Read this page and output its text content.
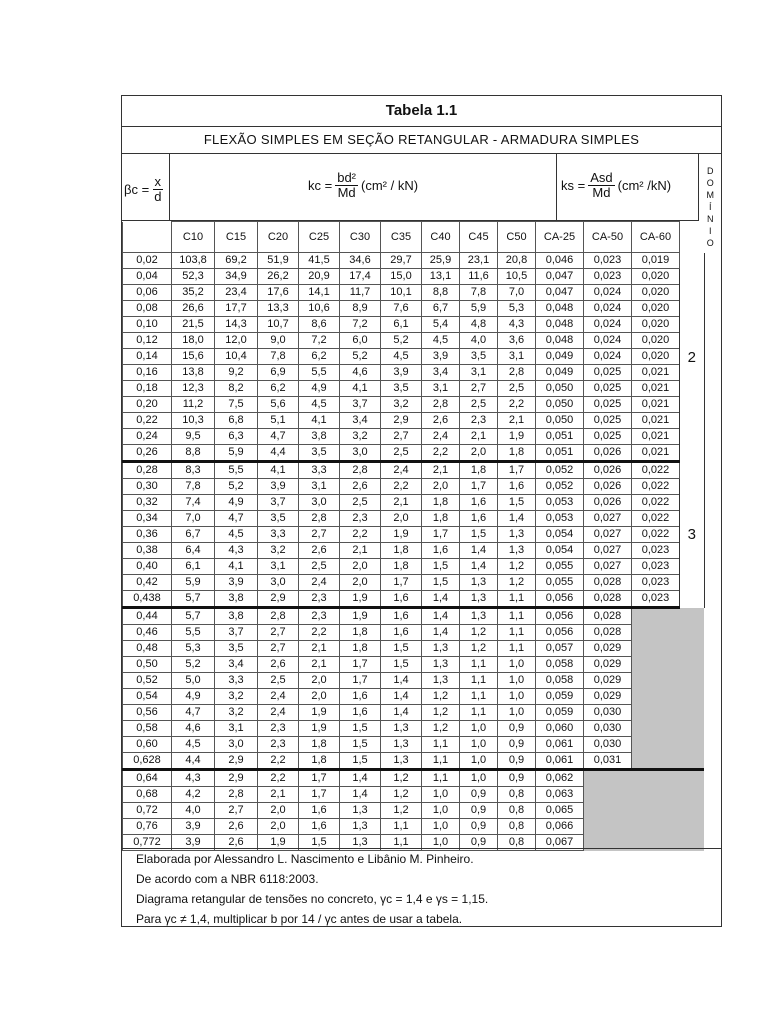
Tabela 1.1
FLEXÃO SIMPLES EM SEÇÃO RETANGULAR - ARMADURA SIMPLES
$\beta c = \frac{x}{d}$	kc = $\frac{\text{bd²}}{Md} (cm^2 / kN)$	ks = $\frac{\text{Asd}}{Md} (cm^2$ /kN)
D
O
M
Í
N
I
O
	C10	C15	C20	C25	C30	C35	C40	C45	C50	CA-25	CA-50	CA-60	
0,02	103,8	69,2	51,9	41,5	34,6	29,7	25,9	23,1	20,8	0,046	0,023	0,019	2
0,04	52,3	34,9	26,2	20,9	17,4	15,0	13,1	11,6	10,5	0,047	0,023	0,020	
0,06	35,2	23,4	17,6	14,1	11,7	10,1	8,8	7,8	7,0	0,047	0,024	0,020	
0,08	26,6	17,7	13,3	10,6	8,9	7,6	6,7	5,9	5,3	0,048	0,024	0,020	
0,10	21,5	14,3	10,7	8,6	7,2	6,1	5,4	4,8	4,3	0,048	0,024	0,020	
0,12	18,0	12,0	9,0	7,2	6,0	5,2	4,5	4,0	3,6	0,048	0,024	0,020	
0,14	15,6	10,4	7,8	6,2	5,2	4,5	3,9	3,5	3,1	0,049	0,024	0,020	
0,16	13,8	9,2	6,9	5,5	4,6	3,9	3,4	3,1	2,8	0,049	0,025	0,021	
0,18	12,3	8,2	6,2	4,9	4,1	3,5	3,1	2,7	2,5	0,050	0,025	0,021	
0,20	11,2	7,5	5,6	4,5	3,7	3,2	2,8	2,5	2,2	0,050	0,025	0,021	
0,22	10,3	6,8	5,1	4,1	3,4	2,9	2,6	2,3	2,1	0,050	0,025	0,021	
0,24	9,5	6,3	4,7	3,8	3,2	2,7	2,4	2,1	1,9	0,051	0,025	0,021	
0,26	8,8	5,9	4,4	3,5	3,0	2,5	2,2	2,0	1,8	0,051	0,026	0,021	
0,28	8,3	5,5	4,1	3,3	2,8	2,4	2,1	1,8	1,7	0,052	0,026	0,022	3
0,30	7,8	5,2	3,9	3,1	2,6	2,2	2,0	1,7	1,6	0,052	0,026	0,022	
0,32	7,4	4,9	3,7	3,0	2,5	2,1	1,8	1,6	1,5	0,053	0,026	0,022	
0,34	7,0	4,7	3,5	2,8	2,3	2,0	1,8	1,6	1,4	0,053	0,027	0,022	
0,36	6,7	4,5	3,3	2,7	2,2	1,9	1,7	1,5	1,3	0,054	0,027	0,022	
0,38	6,4	4,3	3,2	2,6	2,1	1,8	1,6	1,4	1,3	0,054	0,027	0,023	
0,40	6,1	4,1	3,1	2,5	2,0	1,8	1,5	1,4	1,2	0,055	0,027	0,023	
0,42	5,9	3,9	3,0	2,4	2,0	1,7	1,5	1,3	1,2	0,055	0,028	0,023	
0,438	5,7	3,8	2,9	2,3	1,9	1,6	1,4	1,3	1,1	0,056	0,028	0,023	
0,44	5,7	3,8	2,8	2,3	1,9	1,6	1,4	1,3	1,1	0,056	0,028		
0,46	5,5	3,7	2,7	2,2	1,8	1,6	1,4	1,2	1,1	0,056	0,028		
0,48	5,3	3,5	2,7	2,1	1,8	1,5	1,3	1,2	1,1	0,057	0,029		
0,50	5,2	3,4	2,6	2,1	1,7	1,5	1,3	1,1	1,0	0,058	0,029		
0,52	5,0	3,3	2,5	2,0	1,7	1,4	1,3	1,1	1,0	0,058	0,029		
0,54	4,9	3,2	2,4	2,0	1,6	1,4	1,2	1,1	1,0	0,059	0,029		
0,56	4,7	3,2	2,4	1,9	1,6	1,4	1,2	1,1	1,0	0,059	0,030		
0,58	4,6	3,1	2,3	1,9	1,5	1,3	1,2	1,0	0,9	0,060	0,030		
0,60	4,5	3,0	2,3	1,8	1,5	1,3	1,1	1,0	0,9	0,061	0,030		
0,628	4,4	2,9	2,2	1,8	1,5	1,3	1,1	1,0	0,9	0,061	0,031		
0,64	4,3	2,9	2,2	1,7	1,4	1,2	1,1	1,0	0,9	0,062			
0,68	4,2	2,8	2,1	1,7	1,4	1,2	1,0	0,9	0,8	0,063			
0,72	4,0	2,7	2,0	1,6	1,3	1,2	1,0	0,9	0,8	0,065			
0,76	3,9	2,6	2,0	1,6	1,3	1,1	1,0	0,9	0,8	0,066			
0,772	3,9	2,6	1,9	1,5	1,3	1,1	1,0	0,9	0,8	0,067			
Elaborada por Alessandro L. Nascimento e Libânio M. Pinheiro.
De acordo com a NBR 6118:2003.
Diagrama retangular de tensões no concreto, γc = 1,4 e γs = 1,15.
Para γc ≠ 1,4, multiplicar b por 14 / γc antes de usar a tabela.
